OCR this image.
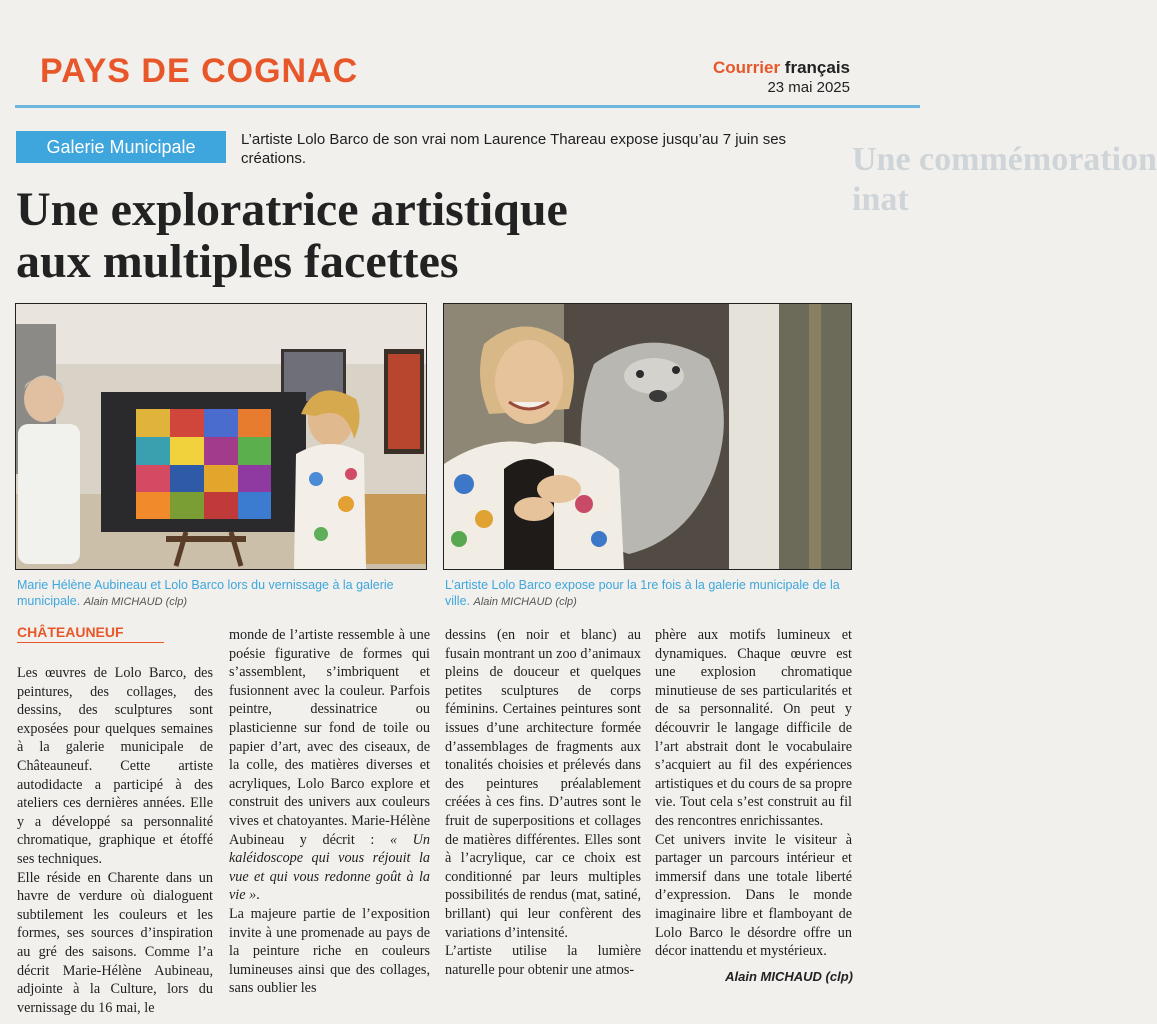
PAYS DE COGNAC	Courrier français
23 mai 2025
Galerie Municipale	L’artiste Lolo Barco de son vrai nom Laurence Thareau expose jusqu’au 7 juin ses créations.	Une commémoration
inat
Une exploratrice artistique
aux multiples facettes
Marie Hélène Aubineau et Lolo Barco lors du vernissage à la galerie municipale. Alain MICHAUD (clp)
L’artiste Lolo Barco expose pour la 1re fois à la galerie municipale de la ville. Alain MICHAUD (clp)
CHÂTEAUNEUF

Les œuvres de Lolo Barco, des peintures, des collages, des dessins, des sculptures sont exposées pour quelques semaines à la galerie municipale de Châteauneuf. Cette artiste autodidacte a participé à des ateliers ces dernières années. Elle y a développé sa personnalité chromatique, graphique et étoffé ses techniques.

Elle réside en Charente dans un havre de verdure où dialoguent subtilement les couleurs et les formes, ses sources d’inspiration au gré des saisons. Comme l’a décrit Marie-Hélène Aubineau, adjointe à la Culture, lors du vernissage du 16 mai, le

monde de l’artiste ressemble à une poésie figurative de formes qui s’assemblent, s’imbriquent et fusionnent avec la couleur. Parfois peintre, dessinatrice ou plasticienne sur fond de toile ou papier d’art, avec des ciseaux, de la colle, des matières diverses et acryliques, Lolo Barco explore et construit des univers aux couleurs vives et chatoyantes. Marie-Hélène Aubineau y décrit : « Un kaléidoscope qui vous réjouit la vue et qui vous redonne goût à la vie ».

La majeure partie de l’exposition invite à une promenade au pays de la peinture riche en couleurs lumineuses ainsi que des collages, sans oublier les

dessins (en noir et blanc) au fusain montrant un zoo d’animaux pleins de douceur et quelques petites sculptures de corps féminins. Certaines peintures sont issues d’une architecture formée d’assemblages de fragments aux tonalités choisies et prélevés dans des peintures préalablement créées à ces fins. D’autres sont le fruit de superpositions et collages de matières différentes. Elles sont à l’acrylique, car ce choix est conditionné par leurs multiples possibilités de rendus (mat, satiné, brillant) qui leur confèrent des variations d’intensité.

L’artiste utilise la lumière naturelle pour obtenir une atmos-

phère aux motifs lumineux et dynamiques. Chaque œuvre est une explosion chromatique minutieuse de ses particularités et de sa personnalité. On peut y découvrir le langage difficile de l’art abstrait dont le vocabulaire s’acquiert au fil des expériences artistiques et du cours de sa propre vie. Tout cela s’est construit au fil des rencontres enrichissantes.

Cet univers invite le visiteur à partager un parcours intérieur et immersif dans une totale liberté d’expression. Dans le monde imaginaire libre et flamboyant de Lolo Barco le désordre offre un décor inattendu et mystérieux.

Alain MICHAUD (clp)
